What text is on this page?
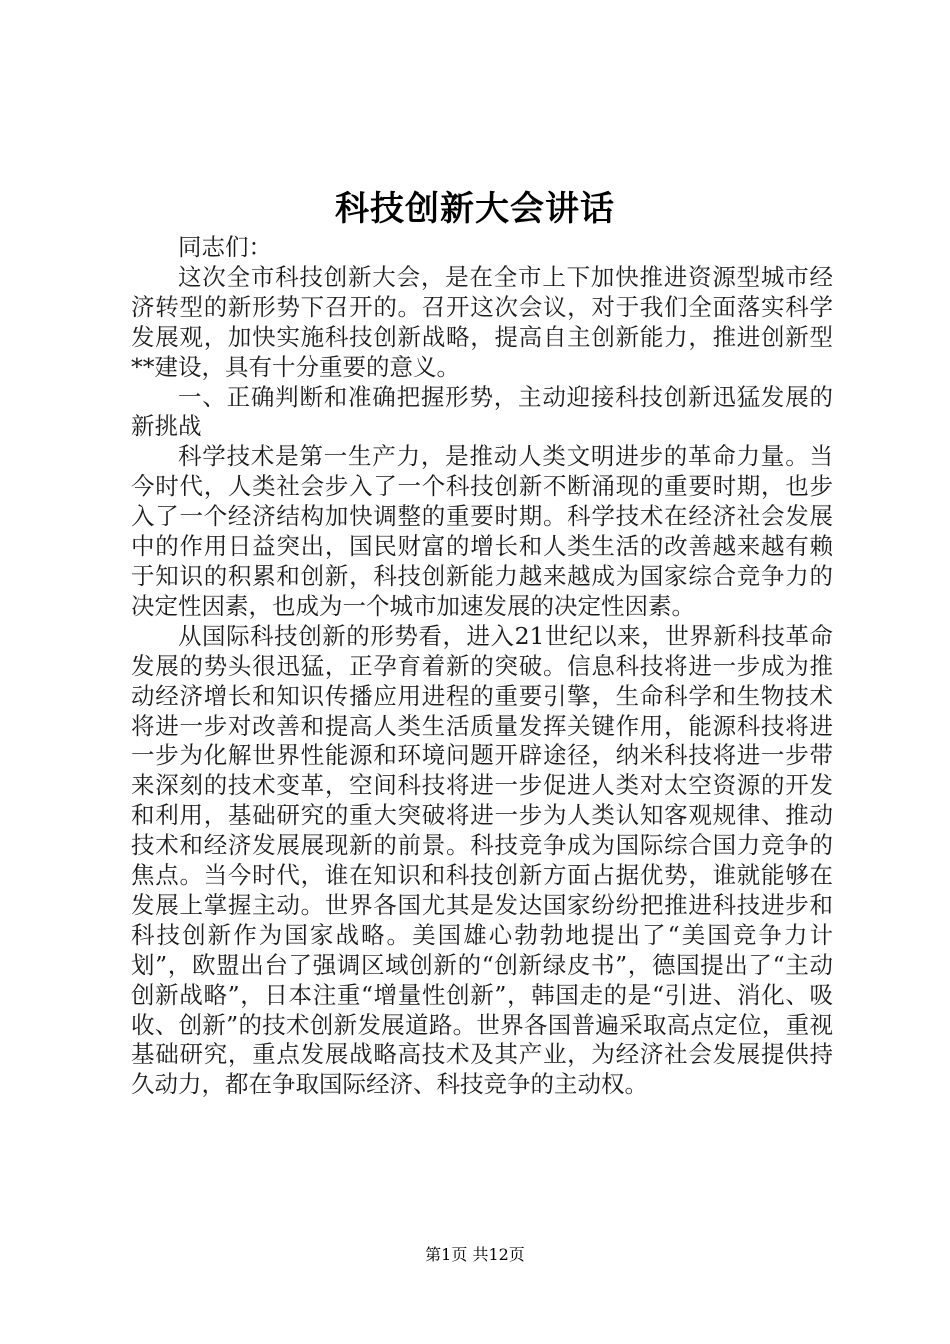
科技创新大会讲话

同志们：

这次全市科技创新大会，是在全市上下加快推进资源型城市经济转型的新形势下召开的。召开这次会议，对于我们全面落实科学发展观，加快实施科技创新战略，提高自主创新能力，推进创新型**建设，具有十分重要的意义。

一、正确判断和准确把握形势，主动迎接科技创新迅猛发展的新挑战

科学技术是第一生产力，是推动人类文明进步的革命力量。当今时代，人类社会步入了一个科技创新不断涌现的重要时期，也步入了一个经济结构加快调整的重要时期。科学技术在经济社会发展中的作用日益突出，国民财富的增长和人类生活的改善越来越有赖于知识的积累和创新，科技创新能力越来越成为国家综合竞争力的决定性因素，也成为一个城市加速发展的决定性因素。

从国际科技创新的形势看，进入21世纪以来，世界新科技革命发展的势头很迅猛，正孕育着新的突破。信息科技将进一步成为推动经济增长和知识传播应用进程的重要引擎，生命科学和生物技术将进一步对改善和提高人类生活质量发挥关键作用，能源科技将进一步为化解世界性能源和环境问题开辟途径，纳米科技将进一步带来深刻的技术变革，空间科技将进一步促进人类对太空资源的开发和利用，基础研究的重大突破将进一步为人类认知客观规律、推动技术和经济发展展现新的前景。科技竞争成为国际综合国力竞争的焦点。当今时代，谁在知识和科技创新方面占据优势，谁就能够在发展上掌握主动。世界各国尤其是发达国家纷纷把推进科技进步和科技创新作为国家战略。美国雄心勃勃地提出了“美国竞争力计划”，欧盟出台了强调区域创新的“创新绿皮书”，德国提出了“主动创新战略”，日本注重“增量性创新”，韩国走的是“引进、消化、吸收、创新”的技术创新发展道路。世界各国普遍采取高点定位，重视基础研究，重点发展战略高技术及其产业，为经济社会发展提供持久动力，都在争取国际经济、科技竞争的主动权。

第1页 共12页
